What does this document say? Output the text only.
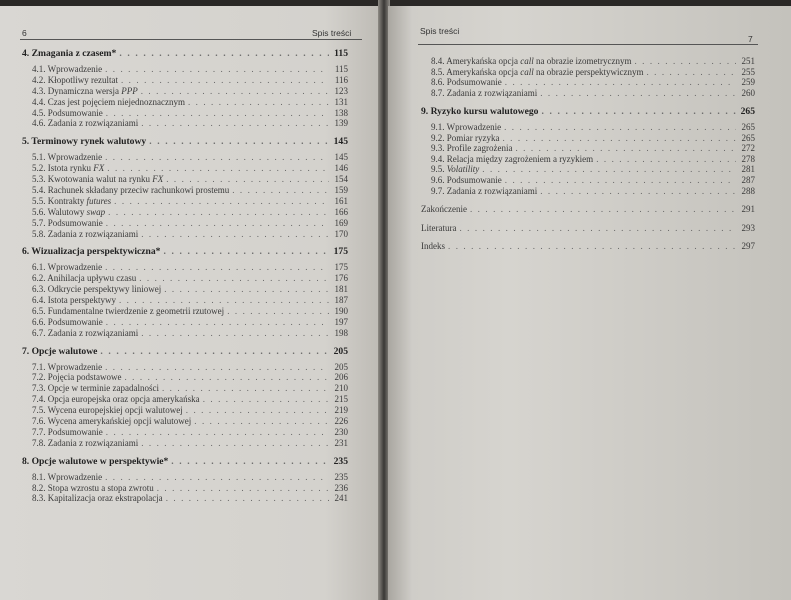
6	Spis treści
4. Zmagania z czasem* . . .	115
4.1. Wprowadzenie . . .	115
4.2. Kłopotliwy rezultat . . .	116
4.3. Dynamiczna wersja PPP . . .	123
4.4. Czas jest pojęciem niejednoznacznym . . .	131
4.5. Podsumowanie . . .	138
4.6. Zadania z rozwiązaniami . . .	139
5. Terminowy rynek walutowy . . .	145
5.1. Wprowadzenie . . .	145
5.2. Istota rynku FX . . .	146
5.3. Kwotowania walut na rynku FX . . .	154
5.4. Rachunek składany przeciw rachunkowi prostemu . . .	159
5.5. Kontrakty futures . . .	161
5.6. Walutowy swap . . .	166
5.7. Podsumowanie . . .	169
5.8. Zadania z rozwiązaniami . . .	170
6. Wizualizacja perspektywiczna* . . .	175
6.1. Wprowadzenie . . .	175
6.2. Anihilacja upływu czasu . . .	176
6.3. Odkrycie perspektywy liniowej . . .	181
6.4. Istota perspektywy . . .	187
6.5. Fundamentalne twierdzenie z geometrii rzutowej . . .	190
6.6. Podsumowanie . . .	197
6.7. Zadania z rozwiązaniami . . .	198
7. Opcje walutowe . . .	205
7.1. Wprowadzenie . . .	205
7.2. Pojęcia podstawowe . . .	206
7.3. Opcje w terminie zapadalności . . .	210
7.4. Opcja europejska oraz opcja amerykańska . . .	215
7.5. Wycena europejskiej opcji walutowej . . .	219
7.6. Wycena amerykańskiej opcji walutowej . . .	226
7.7. Podsumowanie . . .	230
7.8. Zadania z rozwiązaniami . . .	231
8. Opcje walutowe w perspektywie* . . .	235
8.1. Wprowadzenie . . .	235
8.2. Stopa wzrostu a stopa zwrotu . . .	236
8.3. Kapitalizacja oraz ekstrapolacja . . .	241
Spis treści
7
8.4. Amerykańska opcja call na obrazie izometrycznym . . .	251
8.5. Amerykańska opcja call na obrazie perspektywicznym . . .	255
8.6. Podsumowanie . . .	259
8.7. Zadania z rozwiązaniami . . .	260
9. Ryzyko kursu walutowego . . .	265
9.1. Wprowadzenie . . .	265
9.2. Pomiar ryzyka . . .	265
9.3. Profile zagrożenia . . .	272
9.4. Relacja między zagrożeniem a ryzykiem . . .	278
9.5. Volatility . . .	281
9.6. Podsumowanie . . .	287
9.7. Zadania z rozwiązaniami . . .	288
Zakończenie . . .	291
Literatura . . .	293
Indeks . . .	297
